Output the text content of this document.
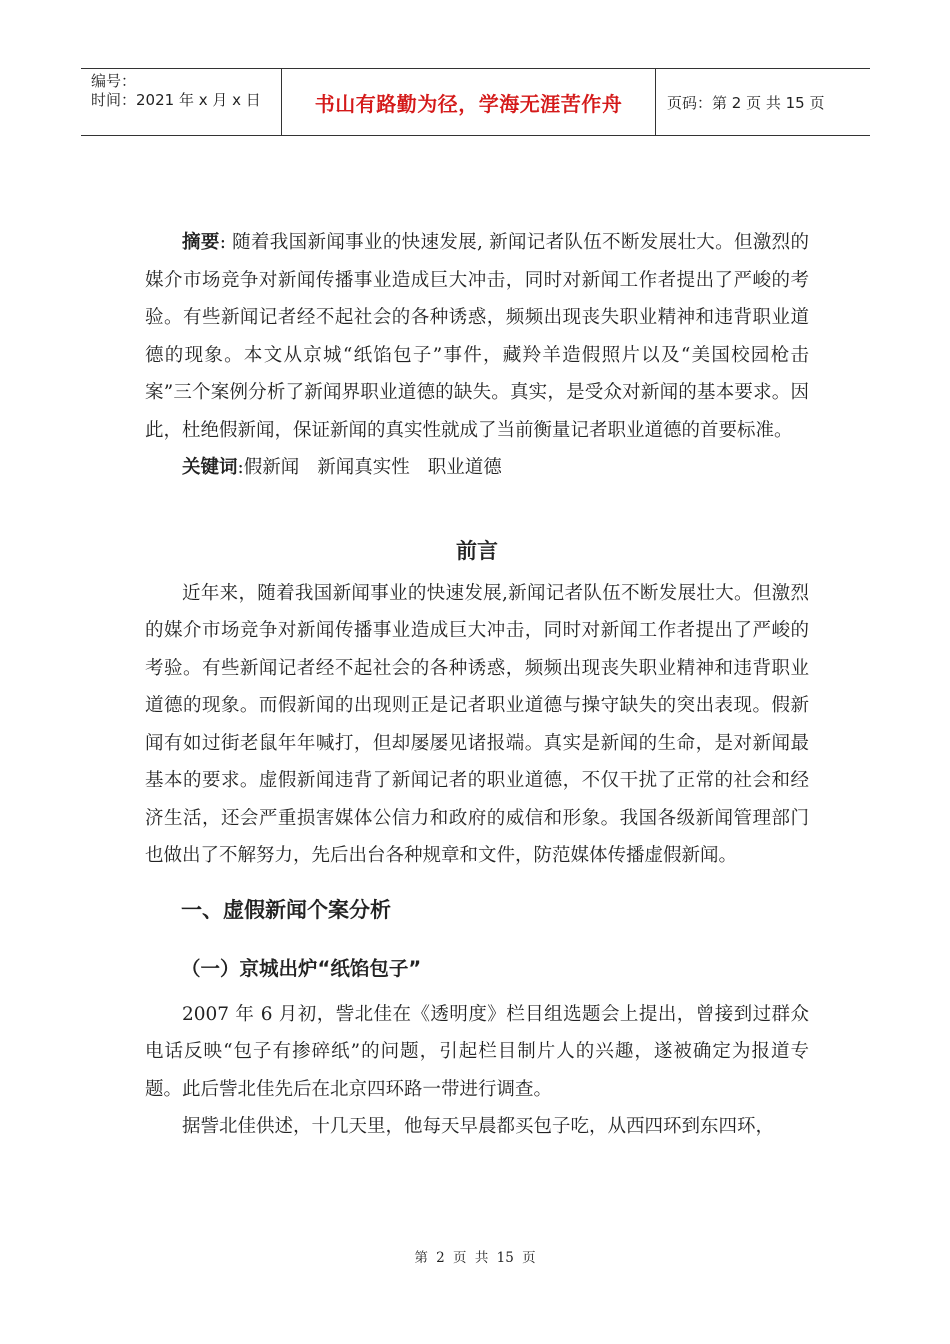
编号：
时间：2021 年 x 月 x 日	书山有路勤为径，学海无涯苦作舟	页码：第 2 页 共 15 页

摘要: 随着我国新闻事业的快速发展, 新闻记者队伍不断发展壮大。但激烈的媒介市场竞争对新闻传播事业造成巨大冲击，同时对新闻工作者提出了严峻的考验。有些新闻记者经不起社会的各种诱惑，频频出现丧失职业精神和违背职业道德的现象。本文从京城“纸馅包子”事件，藏羚羊造假照片以及“美国校园枪击案”三个案例分析了新闻界职业道德的缺失。真实，是受众对新闻的基本要求。因此，杜绝假新闻，保证新闻的真实性就成了当前衡量记者职业道德的首要标准。

关键词:假新闻 新闻真实性 职业道德

前言

近年来，随着我国新闻事业的快速发展,新闻记者队伍不断发展壮大。但激烈的媒介市场竞争对新闻传播事业造成巨大冲击，同时对新闻工作者提出了严峻的考验。有些新闻记者经不起社会的各种诱惑，频频出现丧失职业精神和违背职业道德的现象。而假新闻的出现则正是记者职业道德与操守缺失的突出表现。假新闻有如过街老鼠年年喊打，但却屡屡见诸报端。真实是新闻的生命，是对新闻最基本的要求。虚假新闻违背了新闻记者的职业道德，不仅干扰了正常的社会和经济生活，还会严重损害媒体公信力和政府的威信和形象。我国各级新闻管理部门也做出了不解努力，先后出台各种规章和文件，防范媒体传播虚假新闻。

一、虚假新闻个案分析
（一）京城出炉“纸馅包子”

2007 年 6 月初，訾北佳在《透明度》栏目组选题会上提出，曾接到过群众电话反映“包子有掺碎纸”的问题，引起栏目制片人的兴趣，遂被确定为报道专题。此后訾北佳先后在北京四环路一带进行调查。

据訾北佳供述，十几天里，他每天早晨都买包子吃，从西四环到东四环，

第 2 页 共 15 页
